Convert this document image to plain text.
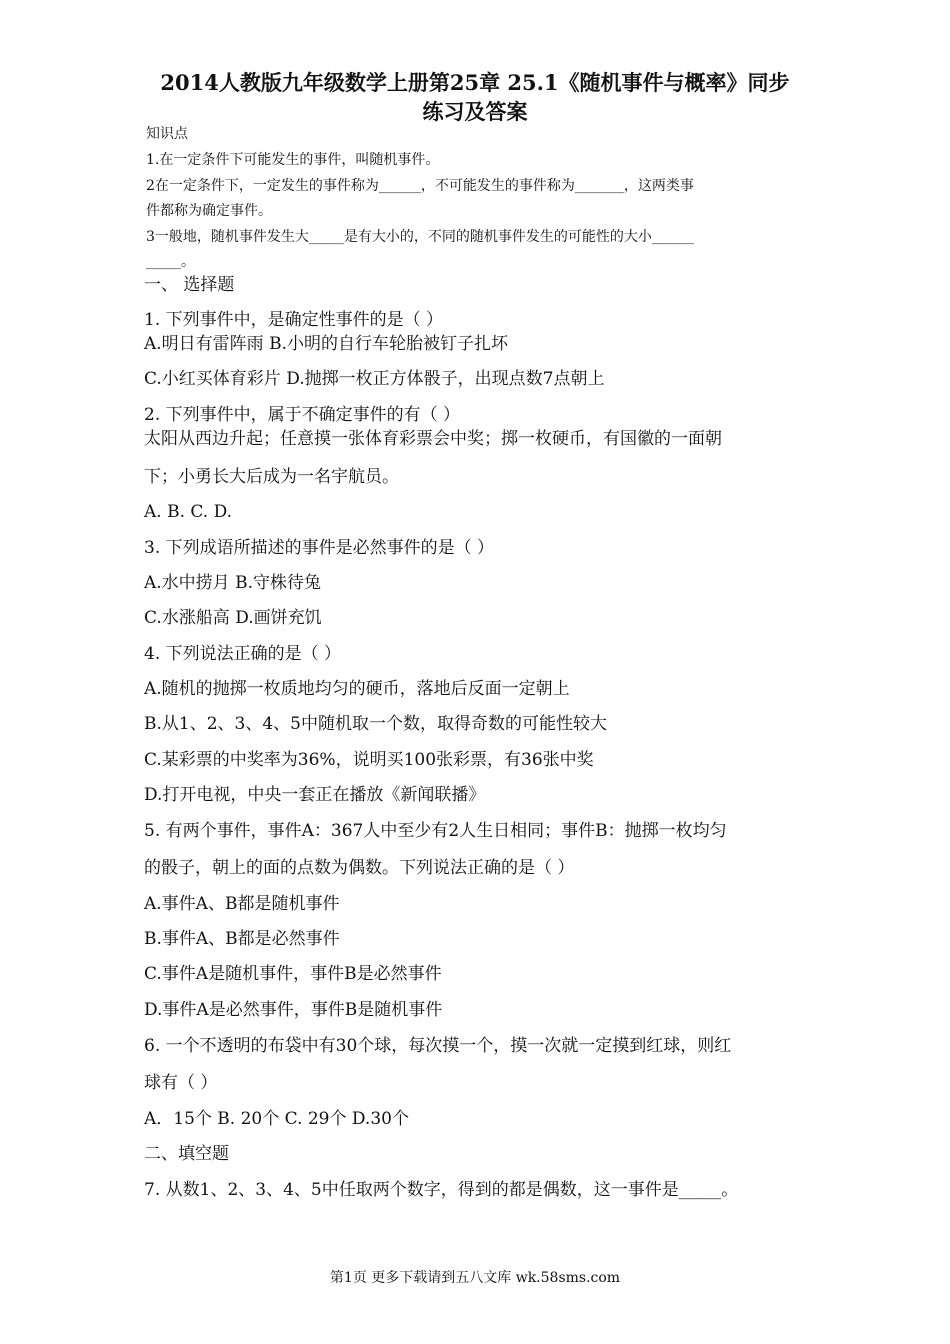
2014人教版九年级数学上册第25章 25.1《随机事件与概率》同步
练习及答案
知识点
1.在一定条件下可能发生的事件，叫随机事件。
2在一定条件下，一定发生的事件称为______，不可能发生的事件称为_______，这两类事
件都称为确定事件。
3一般地，随机事件发生大_____是有大小的，不同的随机事件发生的可能性的大小______
_____。
一、 选择题
1. 下列事件中，是确定性事件的是（ ）
A.明日有雷阵雨 B.小明的自行车轮胎被钉子扎坏
C.小红买体育彩片 D.抛掷一枚正方体骰子，出现点数7点朝上
2. 下列事件中，属于不确定事件的有（ ）
太阳从西边升起；任意摸一张体育彩票会中奖；掷一枚硬币，有国徽的一面朝
下；小勇长大后成为一名宇航员。
A. B. C. D.
3. 下列成语所描述的事件是必然事件的是（ ）
A.水中捞月 B.守株待兔
C.水涨船高 D.画饼充饥
4. 下列说法正确的是（ ）
A.随机的抛掷一枚质地均匀的硬币，落地后反面一定朝上
B.从1、2、3、4、5中随机取一个数，取得奇数的可能性较大
C.某彩票的中奖率为36%，说明买100张彩票，有36张中奖
D.打开电视，中央一套正在播放《新闻联播》
5. 有两个事件，事件A：367人中至少有2人生日相同；事件B：抛掷一枚均匀
的骰子，朝上的面的点数为偶数。下列说法正确的是（ ）
A.事件A、B都是随机事件
B.事件A、B都是必然事件
C.事件A是随机事件，事件B是必然事件
D.事件A是必然事件，事件B是随机事件
6. 一个不透明的布袋中有30个球，每次摸一个，摸一次就一定摸到红球，则红
球有（ ）
A．15个 B. 20个 C. 29个 D.30个
二、填空题
7. 从数1、2、3、4、5中任取两个数字，得到的都是偶数，这一事件是_____。
第1页 更多下载请到五八文库 wk.58sms.com
